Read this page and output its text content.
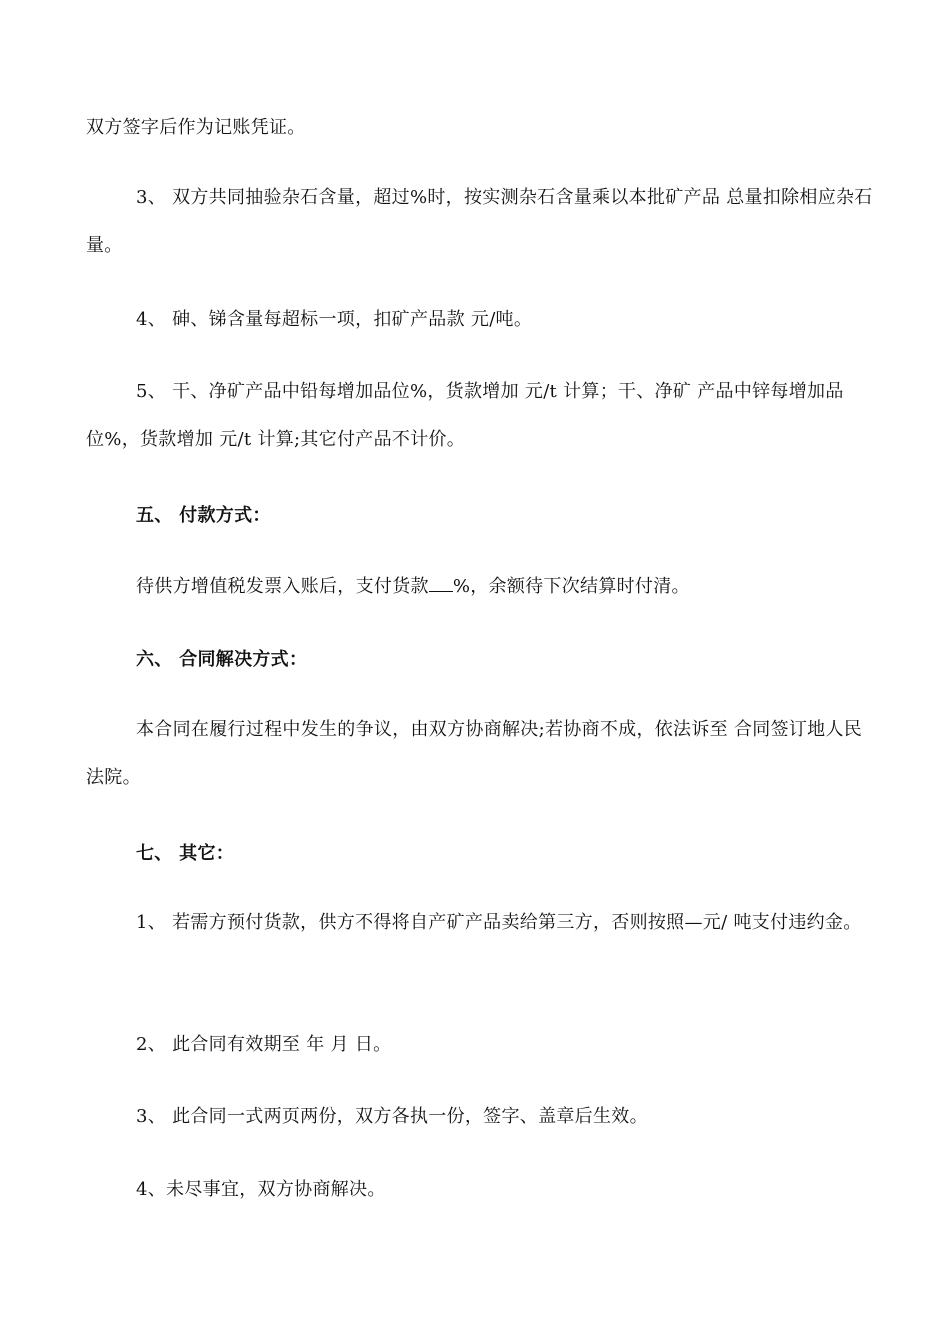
双方签字后作为记账凭证。

3、 双方共同抽验杂石含量，超过%时，按实测杂石含量乘以本批矿产品 总量扣除相应杂石量。

4、 砷、锑含量每超标一项，扣矿产品款 元/吨。

5、 干、净矿产品中铅每增加品位%，货款增加 元/t 计算；干、净矿 产品中锌每增加品位%，货款增加 元/t 计算;其它付产品不计价。

五、 付款方式：

待供方增值税发票入账后，支付货款 %，余额待下次结算时付清。

六、 合同解决方式：

本合同在履行过程中发生的争议，由双方协商解决;若协商不成，依法诉至 合同签订地人民法院。

七、 其它：

1、 若需方预付货款，供方不得将自产矿产品卖给第三方，否则按照—元/ 吨支付违约金。

2、 此合同有效期至 年 月 日。

3、 此合同一式两页两份，双方各执一份，签字、盖章后生效。

4、未尽事宜，双方协商解决。
